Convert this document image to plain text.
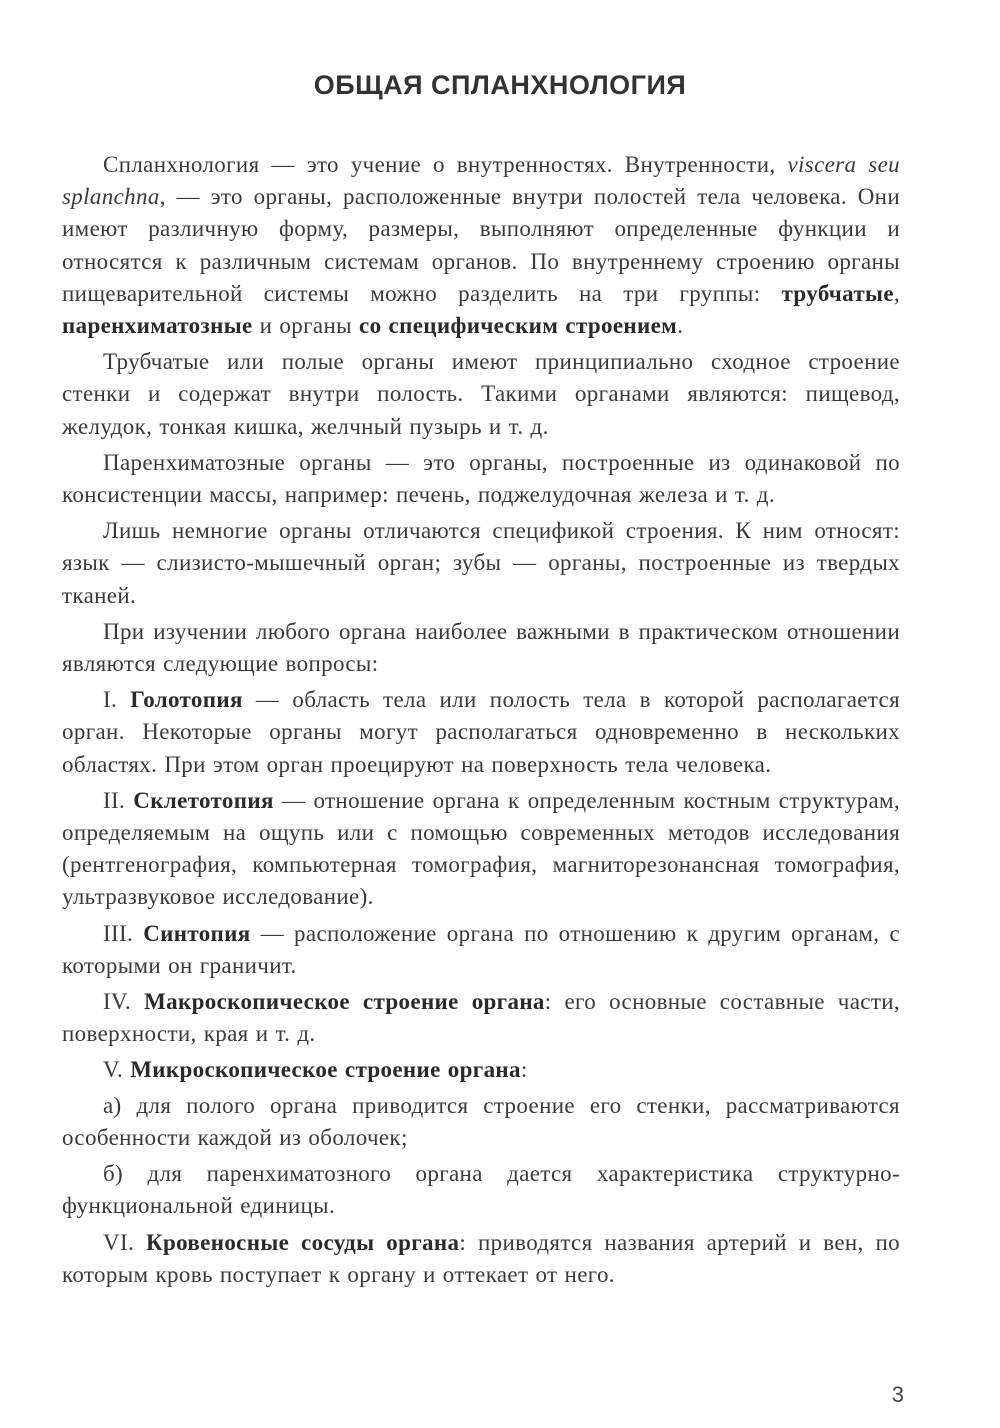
ОБЩАЯ СПЛАНХНОЛОГИЯ

Спланхнология — это учение о внутренностях. Внутренности, viscera seu splanchna, — это органы, расположенные внутри полостей тела человека. Они имеют различную форму, размеры, выполняют определенные функции и относятся к различным системам органов. По внутреннему строению органы пищеварительной системы можно разделить на три группы: трубчатые, паренхиматозные и органы со специфическим строением.

Трубчатые или полые органы имеют принципиально сходное строение стенки и содержат внутри полость. Такими органами являются: пищевод, желудок, тонкая кишка, желчный пузырь и т. д.

Паренхиматозные органы — это органы, построенные из одинаковой по консистенции массы, например: печень, поджелудочная железа и т. д.

Лишь немногие органы отличаются спецификой строения. К ним относят: язык — слизисто-мышечный орган; зубы — органы, построенные из твердых тканей.

При изучении любого органа наиболее важными в практическом отношении являются следующие вопросы:

I. Голотопия — область тела или полость тела в которой располагается орган. Некоторые органы могут располагаться одновременно в нескольких областях. При этом орган проецируют на поверхность тела человека.

II. Склетотопия — отношение органа к определенным костным структурам, определяемым на ощупь или с помощью современных методов исследования (рентгенография, компьютерная томография, магниторезонансная томография, ультразвуковое исследование).

III. Синтопия — расположение органа по отношению к другим органам, с которыми он граничит.

IV. Макроскопическое строение органа: его основные составные части, поверхности, края и т. д.

V. Микроскопическое строение органа:

а) для полого органа приводится строение его стенки, рассматриваются особенности каждой из оболочек;

б) для паренхиматозного органа дается характеристика структурно-функциональной единицы.

VI. Кровеносные сосуды органа: приводятся названия артерий и вен, по которым кровь поступает к органу и оттекает от него.

3
